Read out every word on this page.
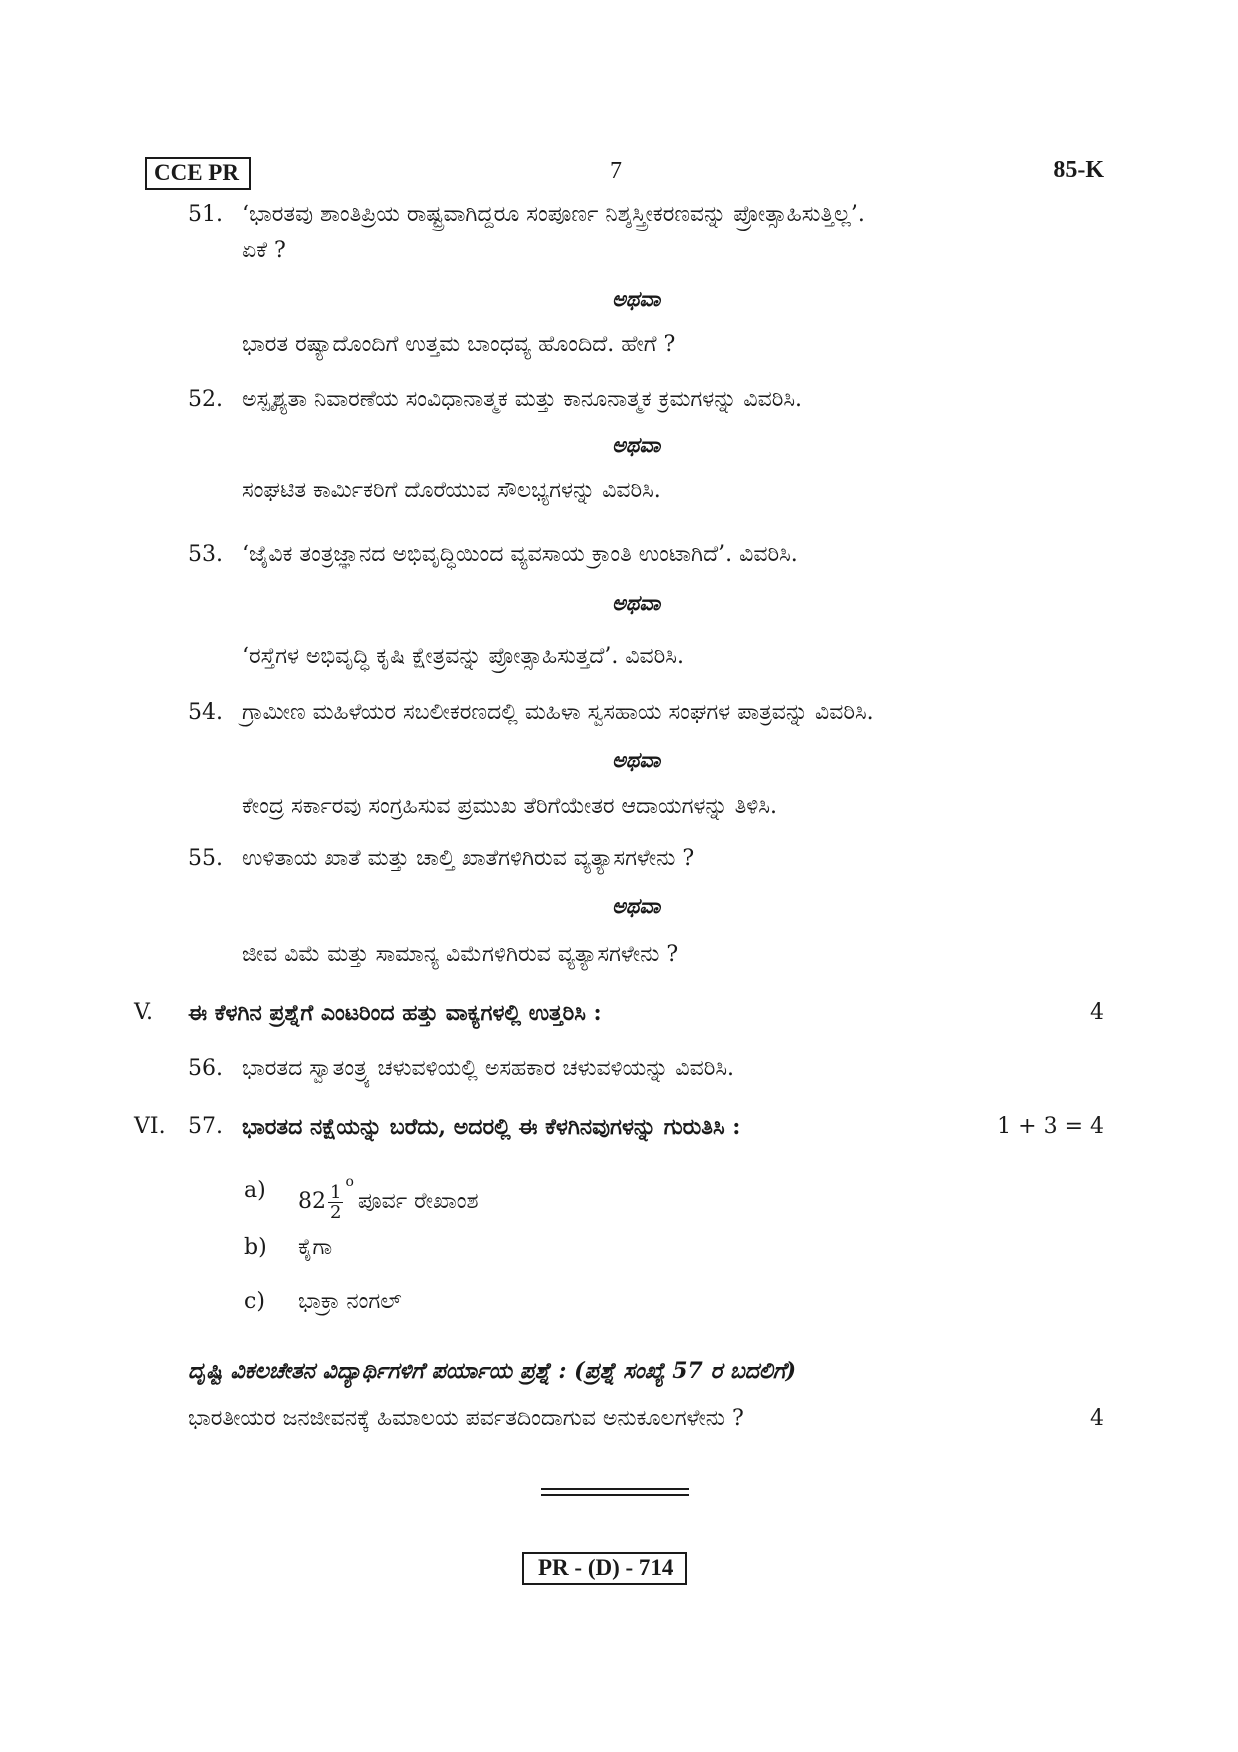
CCE PR	7	85-K
51. ‘ಭಾರತವು ಶಾಂತಿಪ್ರಿಯ ರಾಷ್ಟ್ರವಾಗಿದ್ದರೂ ಸಂಪೂರ್ಣ ನಿಶ್ಶಸ್ತ್ರೀಕರಣವನ್ನು ಪ್ರೋತ್ಸಾಹಿಸುತ್ತಿಲ್ಲ’.
ಏಕೆ ?
ಅಥವಾ
ಭಾರತ ರಷ್ಯಾದೊಂದಿಗೆ ಉತ್ತಮ ಬಾಂಧವ್ಯ ಹೊಂದಿದೆ. ಹೇಗೆ ?
52. ಅಸ್ಪೃಶ್ಯತಾ ನಿವಾರಣೆಯ ಸಂವಿಧಾನಾತ್ಮಕ ಮತ್ತು ಕಾನೂನಾತ್ಮಕ ಕ್ರಮಗಳನ್ನು ವಿವರಿಸಿ.
ಅಥವಾ
ಸಂಘಟಿತ ಕಾರ್ಮಿಕರಿಗೆ ದೊರೆಯುವ ಸೌಲಭ್ಯಗಳನ್ನು ವಿವರಿಸಿ.
53. ‘ಜೈವಿಕ ತಂತ್ರಜ್ಞಾನದ ಅಭಿವೃದ್ಧಿಯಿಂದ ವ್ಯವಸಾಯ ಕ್ರಾಂತಿ ಉಂಟಾಗಿದೆ’. ವಿವರಿಸಿ.
ಅಥವಾ
‘ರಸ್ತೆಗಳ ಅಭಿವೃದ್ಧಿ ಕೃಷಿ ಕ್ಷೇತ್ರವನ್ನು ಪ್ರೋತ್ಸಾಹಿಸುತ್ತದೆ’. ವಿವರಿಸಿ.
54. ಗ್ರಾಮೀಣ ಮಹಿಳೆಯರ ಸಬಲೀಕರಣದಲ್ಲಿ ಮಹಿಳಾ ಸ್ವಸಹಾಯ ಸಂಘಗಳ ಪಾತ್ರವನ್ನು ವಿವರಿಸಿ.
ಅಥವಾ
ಕೇಂದ್ರ ಸರ್ಕಾರವು ಸಂಗ್ರಹಿಸುವ ಪ್ರಮುಖ ತೆರಿಗೆಯೇತರ ಆದಾಯಗಳನ್ನು ತಿಳಿಸಿ.
55. ಉಳಿತಾಯ ಖಾತೆ ಮತ್ತು ಚಾಲ್ತಿ ಖಾತೆಗಳಿಗಿರುವ ವ್ಯತ್ಯಾಸಗಳೇನು ?
ಅಥವಾ
ಜೀವ ವಿಮೆ ಮತ್ತು ಸಾಮಾನ್ಯ ವಿಮೆಗಳಿಗಿರುವ ವ್ಯತ್ಯಾಸಗಳೇನು ?
V. ಈ ಕೆಳಗಿನ ಪ್ರಶ್ನೆಗೆ ಎಂಟರಿಂದ ಹತ್ತು ವಾಕ್ಯಗಳಲ್ಲಿ ಉತ್ತರಿಸಿ :	4
56. ಭಾರತದ ಸ್ವಾತಂತ್ರ್ಯ ಚಳುವಳಿಯಲ್ಲಿ ಅಸಹಕಾರ ಚಳುವಳಿಯನ್ನು ವಿವರಿಸಿ.
VI. 57. ಭಾರತದ ನಕ್ಷೆಯನ್ನು ಬರೆದು, ಅದರಲ್ಲಿ ಈ ಕೆಳಗಿನವುಗಳನ್ನು ಗುರುತಿಸಿ :	1 + 3 = 4
a) $82 \frac{1}{2}$
$^o$ಪೂರ್ವ ರೇಖಾಂಶ
b) ಕೈಗಾ
c) ಭಾಕ್ರಾ ನಂಗಲ್
ದೃಷ್ಟಿ ವಿಕಲಚೇತನ ವಿದ್ಯಾರ್ಥಿಗಳಿಗೆ ಪರ್ಯಾಯ ಪ್ರಶ್ನೆ : (ಪ್ರಶ್ನೆ ಸಂಖ್ಯೆ 57 ರ ಬದಲಿಗೆ)
ಭಾರತೀಯರ ಜನಜೀವನಕ್ಕೆ ಹಿಮಾಲಯ ಪರ್ವತದಿಂದಾಗುವ ಅನುಕೂಲಗಳೇನು ?	4
PR - (D) - 714
